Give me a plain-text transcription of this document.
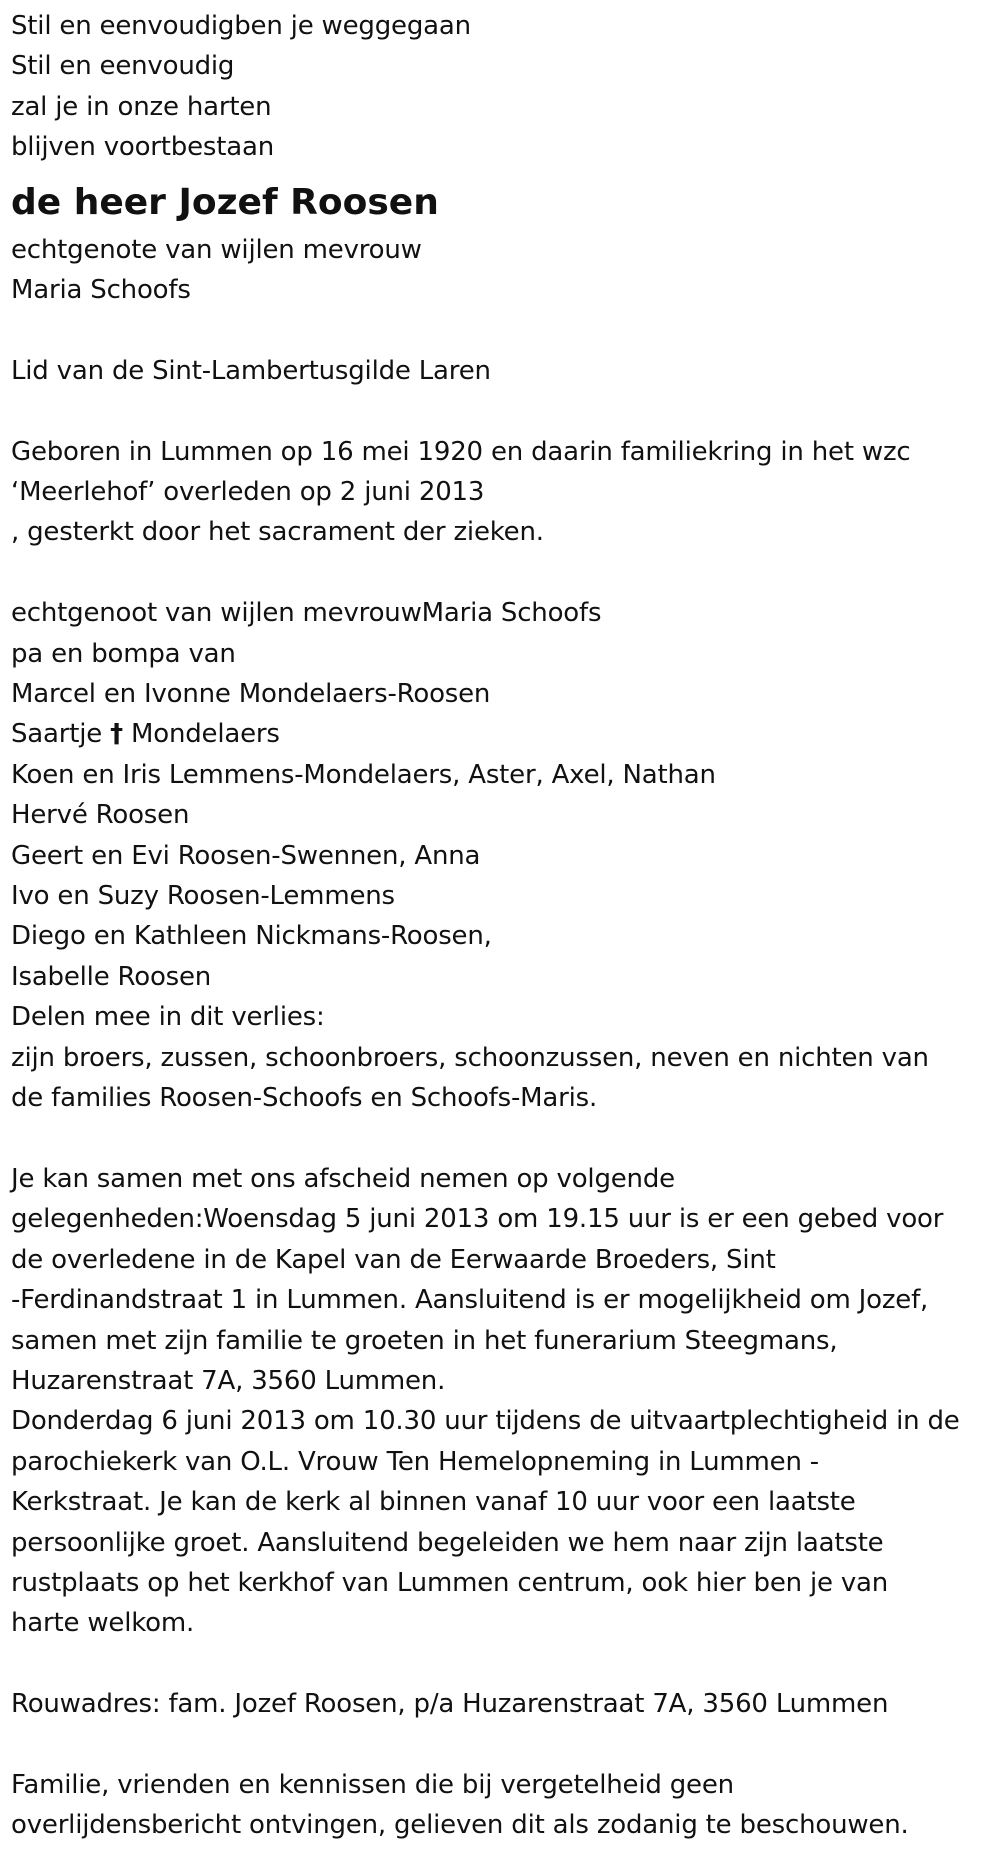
Stil en eenvoudigben je weggegaan
Stil en eenvoudig
zal je in onze harten
blijven voortbestaan
de heer Jozef Roosen
echtgenote van wijlen mevrouw
Maria Schoofs
Lid van de Sint-Lambertusgilde Laren
Geboren in Lummen op 16 mei 1920 en daarin familiekring in het wzc
‘Meerlehof’ overleden op 2 juni 2013
, gesterkt door het sacrament der zieken.
echtgenoot van wijlen mevrouwMaria Schoofs
pa en bompa van
Marcel en Ivonne Mondelaers-Roosen
Saartje † Mondelaers
Koen en Iris Lemmens-Mondelaers, Aster, Axel, Nathan
Hervé Roosen
Geert en Evi Roosen-Swennen, Anna
Ivo en Suzy Roosen-Lemmens
Diego en Kathleen Nickmans-Roosen,
Isabelle Roosen
Delen mee in dit verlies:
zijn broers, zussen, schoonbroers, schoonzussen, neven en nichten van
de families Roosen-Schoofs en Schoofs-Maris.
Je kan samen met ons afscheid nemen op volgende
gelegenheden:Woensdag 5 juni 2013 om 19.15 uur is er een gebed voor
de overledene in de Kapel van de Eerwaarde Broeders, Sint
-Ferdinandstraat 1 in Lummen. Aansluitend is er mogelijkheid om Jozef,
samen met zijn familie te groeten in het funerarium Steegmans,
Huzarenstraat 7A, 3560 Lummen.
Donderdag 6 juni 2013 om 10.30 uur tijdens de uitvaartplechtigheid in de
parochiekerk van O.L. Vrouw Ten Hemelopneming in Lummen -
Kerkstraat. Je kan de kerk al binnen vanaf 10 uur voor een laatste
persoonlijke groet. Aansluitend begeleiden we hem naar zijn laatste
rustplaats op het kerkhof van Lummen centrum, ook hier ben je van
harte welkom.
Rouwadres: fam. Jozef Roosen, p/a Huzarenstraat 7A, 3560 Lummen
Familie, vrienden en kennissen die bij vergetelheid geen
overlijdensbericht ontvingen, gelieven dit als zodanig te beschouwen.
